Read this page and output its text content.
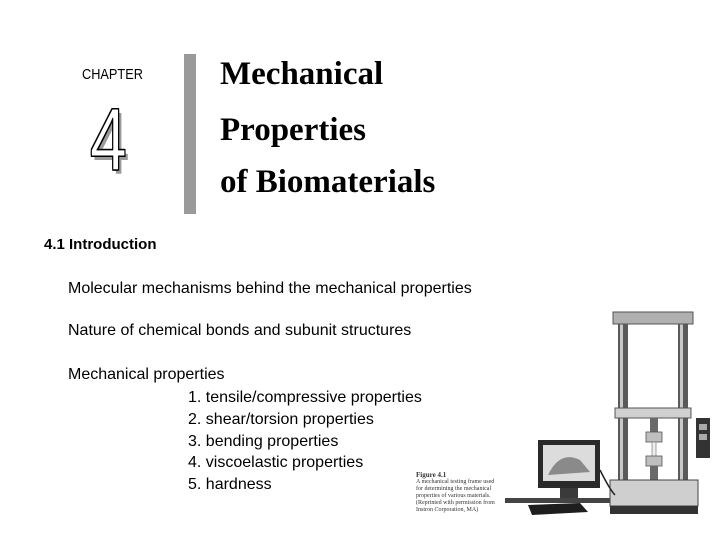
CHAPTER
4
Mechanical
Properties
of Biomaterials
4.1 Introduction
Molecular mechanisms behind the mechanical properties
Nature of chemical bonds and subunit structures
Mechanical properties
1. tensile/compressive properties
2. shear/torsion properties
3. bending properties
4. viscoelastic properties
5. hardness
Figure 4.1
A mechanical testing frame used for determining the mechanical properties of various materials. (Reprinted with permission from Instron Corporation, MA)
